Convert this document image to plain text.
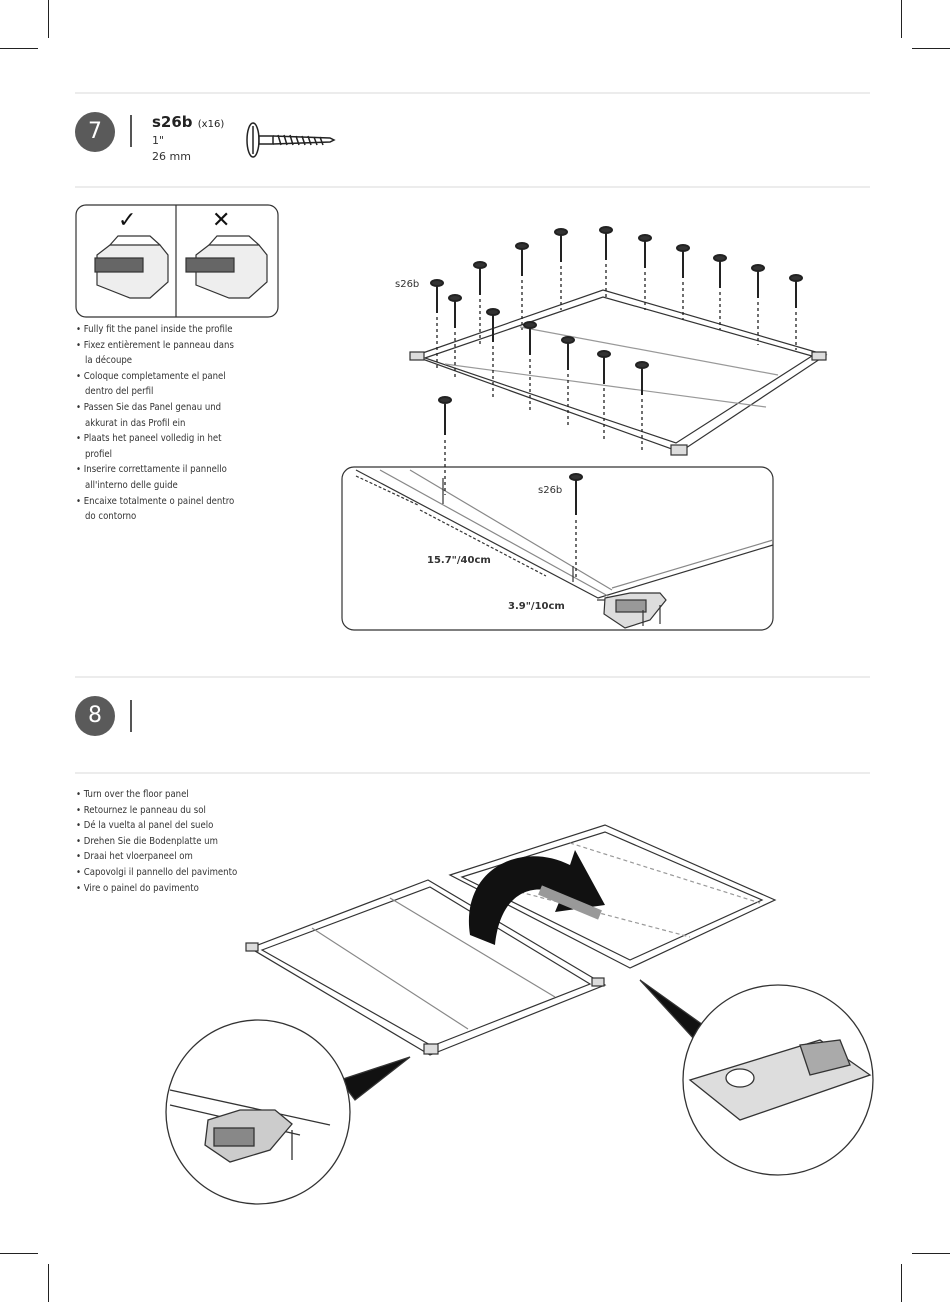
7	s26b (x16)
1"
26 mm
s26b
s26b
15.7"/40cm
3.9"/10cm
✓	✕
• Fully fit the panel inside the profile
• Fixez entièrement le panneau dans
la découpe
• Coloque completamente el panel
dentro del perfil
• Passen Sie das Panel genau und
akkurat in das Profil ein
• Plaats het paneel volledig in het
profiel
• Inserire correttamente il pannello
all'interno delle guide
• Encaixe totalmente o painel dentro
do contorno
8
• Turn over the floor panel
• Retournez le panneau du sol
• Dé la vuelta al panel del suelo
• Drehen Sie die Bodenplatte um
• Draai het vloerpaneel om
• Capovolgi il pannello del pavimento
• Vire o painel do pavimento
